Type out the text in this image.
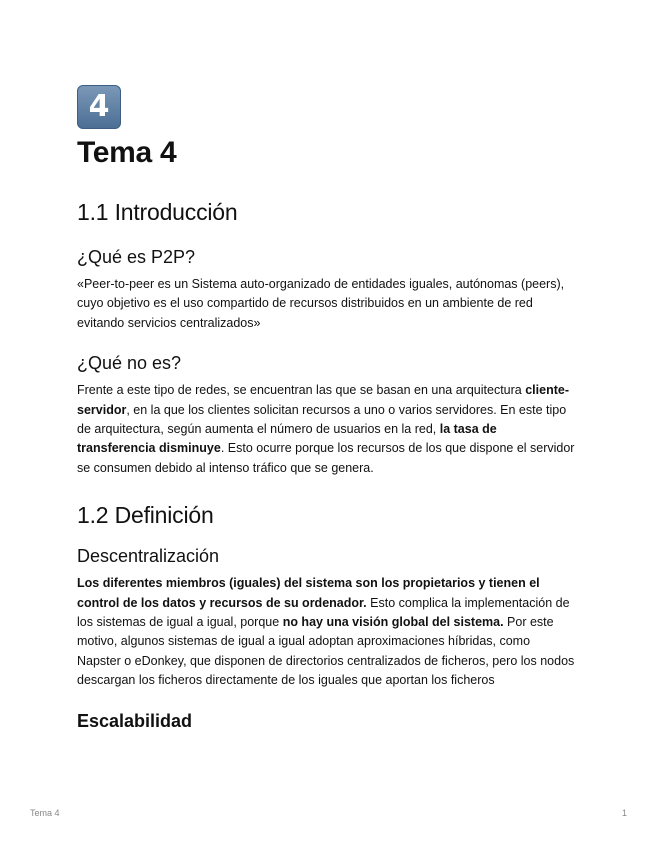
4
Tema 4
1.1 Introducción
¿Qué es P2P?

«Peer-to-peer es un Sistema auto-organizado de entidades iguales, autónomas (peers), cuyo objetivo es el uso compartido de recursos distribuidos en un ambiente de red evitando servicios centralizados»

¿Qué no es?

Frente a este tipo de redes, se encuentran las que se basan en una arquitectura cliente-servidor, en la que los clientes solicitan recursos a uno o varios servidores. En este tipo de arquitectura, según aumenta el número de usuarios en la red, la tasa de transferencia disminuye. Esto ocurre porque los recursos de los que dispone el servidor se consumen debido al intenso tráfico que se genera.

1.2 Definición
Descentralización

Los diferentes miembros (iguales) del sistema son los propietarios y tienen el control de los datos y recursos de su ordenador. Esto complica la implementación de los sistemas de igual a igual, porque no hay una visión global del sistema. Por este motivo, algunos sistemas de igual a igual adoptan aproximaciones híbridas, como Napster o eDonkey, que disponen de directorios centralizados de ficheros, pero los nodos descargan los ficheros directamente de los iguales que aportan los ficheros

Escalabilidad
Tema 4	1
